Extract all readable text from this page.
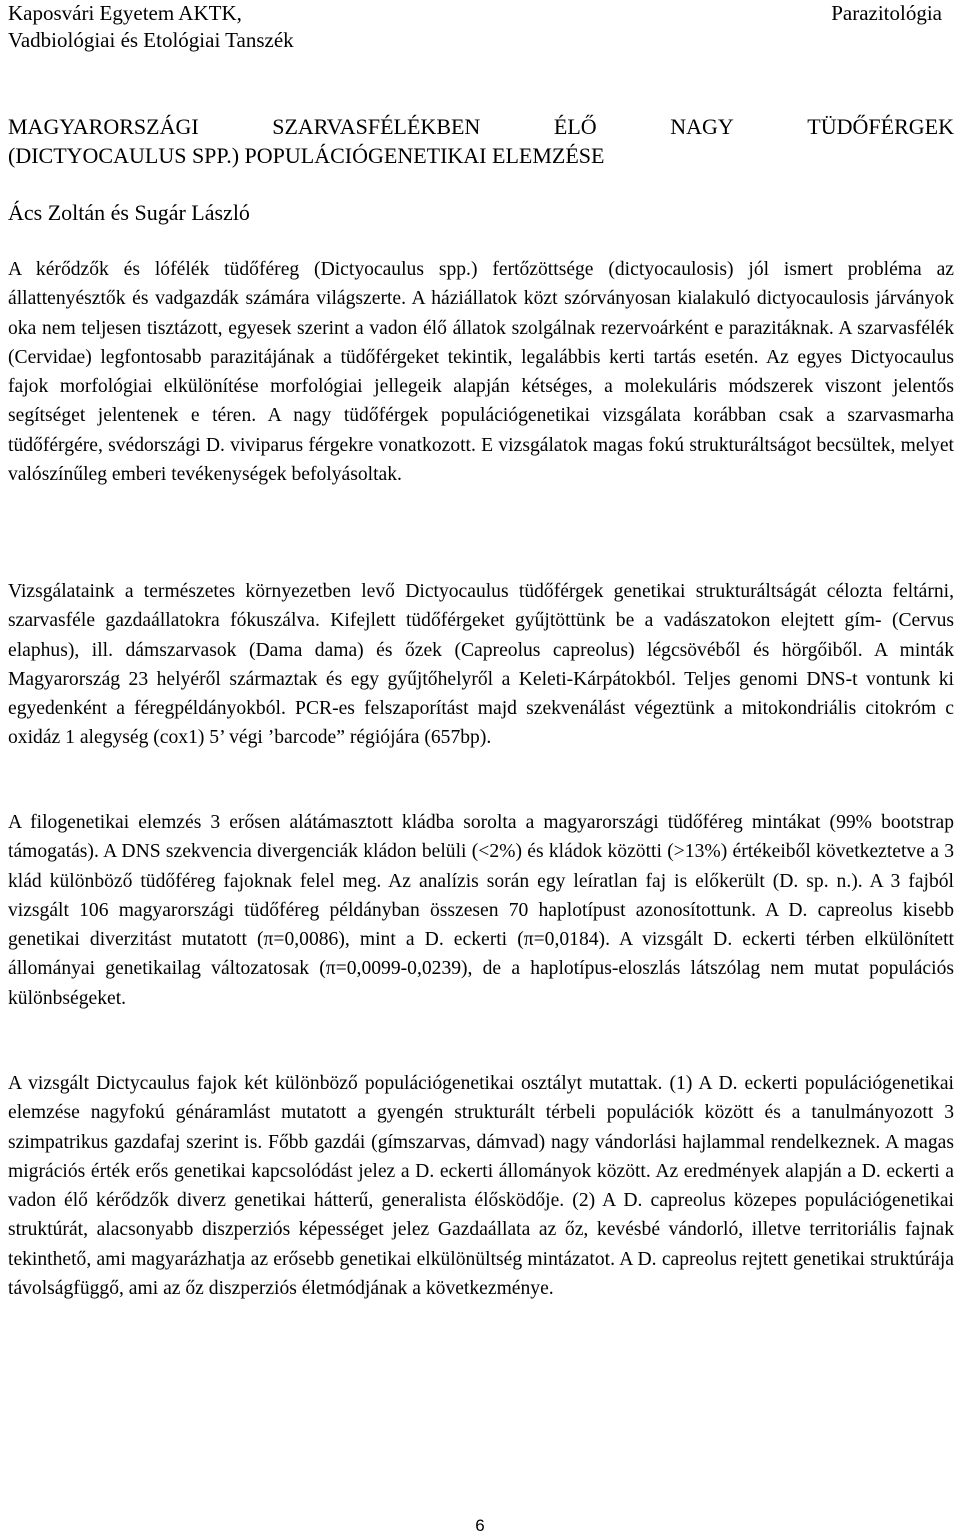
Kaposvári Egyetem AKTK,
Vadbiológiai és Etológiai Tanszék
Parazitológia
MAGYARORSZÁGI	SZARVASFÉLÉKBEN	ÉLŐ	NAGY	TÜDŐFÉRGEK
(DICTYOCAULUS SPP.) POPULÁCIÓGENETIKAI ELEMZÉSE
Ács Zoltán és Sugár László

A kérődzők és lófélék tüdőféreg (Dictyocaulus spp.) fertőzöttsége (dictyocaulosis) jól ismert probléma az állattenyésztők és vadgazdák számára világszerte. A háziállatok közt szórványosan kialakuló dictyocaulosis járványok oka nem teljesen tisztázott, egyesek szerint a vadon élő állatok szolgálnak rezervoárként e parazitáknak. A szarvasfélék (Cervidae) legfontosabb parazitájának a tüdőférgeket tekintik, legalábbis kerti tartás esetén. Az egyes Dictyocaulus fajok morfológiai elkülönítése morfológiai jellegeik alapján kétséges, a molekuláris módszerek viszont jelentős segítséget jelentenek e téren. A nagy tüdőférgek populációgenetikai vizsgálata korábban csak a szarvasmarha tüdőférgére, svédországi D. viviparus férgekre vonatkozott. E vizsgálatok magas fokú strukturáltságot becsültek, melyet valószínűleg emberi tevékenységek befolyásoltak.

Vizsgálataink a természetes környezetben levő Dictyocaulus tüdőférgek genetikai strukturáltságát célozta feltárni, szarvasféle gazdaállatokra fókuszálva. Kifejlett tüdőférgeket gyűjtöttünk be a vadászatokon elejtett gím- (Cervus elaphus), ill. dámszarvasok (Dama dama) és őzek (Capreolus capreolus) légcsövéből és hörgőiből. A minták Magyarország 23 helyéről származtak és egy gyűjtőhelyről a Keleti-Kárpátokból. Teljes genomi DNS-t vontunk ki egyedenként a féregpéldányokból. PCR-es felszaporítást majd szekvenálást végeztünk a mitokondriális citokróm c oxidáz 1 alegység (cox1) 5’ végi ’barcode” régiójára (657bp).

A filogenetikai elemzés 3 erősen alátámasztott kládba sorolta a magyarországi tüdőféreg mintákat (99% bootstrap támogatás). A DNS szekvencia divergenciák kládon belüli (<2%) és kládok közötti (>13%) értékeiből következtetve a 3 klád különböző tüdőféreg fajoknak felel meg. Az analízis során egy leíratlan faj is előkerült (D. sp. n.). A 3 fajból vizsgált 106 magyarországi tüdőféreg példányban összesen 70 haplotípust azonosítottunk. A D. capreolus kisebb genetikai diverzitást mutatott (π=0,0086), mint a D. eckerti (π=0,0184). A vizsgált D. eckerti térben elkülönített állományai genetikailag változatosak (π=0,0099-0,0239), de a haplotípus-eloszlás látszólag nem mutat populációs különbségeket.

A vizsgált Dictycaulus fajok két különböző populációgenetikai osztályt mutattak. (1) A D. eckerti populációgenetikai elemzése nagyfokú génáramlást mutatott a gyengén strukturált térbeli populációk között és a tanulmányozott 3 szimpatrikus gazdafaj szerint is. Főbb gazdái (gímszarvas, dámvad) nagy vándorlási hajlammal rendelkeznek. A magas migrációs érték erős genetikai kapcsolódást jelez a D. eckerti állományok között. Az eredmények alapján a D. eckerti a vadon élő kérődzők diverz genetikai hátterű, generalista élősködője. (2) A D. capreolus közepes populációgenetikai struktúrát, alacsonyabb diszperziós képességet jelez Gazdaállata az őz, kevésbé vándorló, illetve territoriális fajnak tekinthető, ami magyarázhatja az erősebb genetikai elkülönültség mintázatot. A D. capreolus rejtett genetikai struktúrája távolságfüggő, ami az őz diszperziós életmódjának a következménye.

6
